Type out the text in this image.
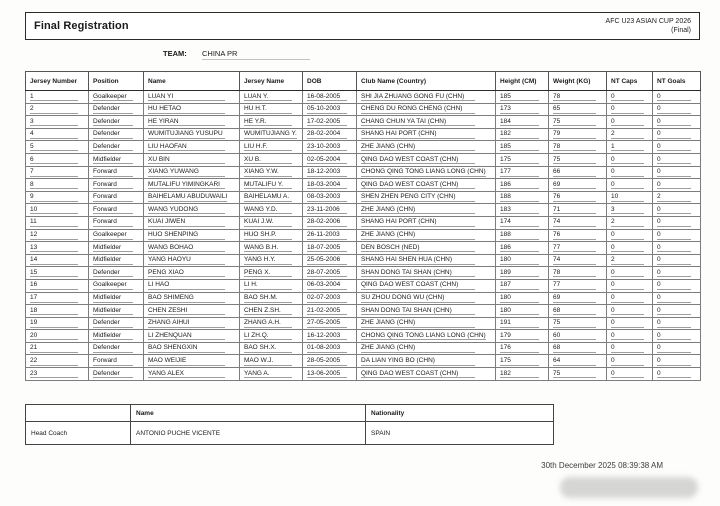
Final Registration	AFC U23 ASIAN CUP 2026
(Final)
TEAM: CHINA PR
Jersey Number	Position	Name	Jersey Name	DOB	Club Name (Country)	Height (CM)	Weight (KG)	NT Caps	NT Goals
1	Goalkeeper	LUAN YI	LUAN Y.	16-08-2005	SHI JIA ZHUANG GONG FU (CHN)	185	78	0	0
2	Defender	HU HETAO	HU H.T.	05-10-2003	CHENG DU RONG CHENG (CHN)	173	65	0	0
3	Defender	HE YIRAN	HE Y.R.	17-02-2005	CHANG CHUN YA TAI (CHN)	184	75	0	0
4	Defender	WUMITUJIANG YUSUPU	WUMITUJIANG Y.	28-02-2004	SHANG HAI PORT (CHN)	182	79	2	0
5	Defender	LIU HAOFAN	LIU H.F.	23-10-2003	ZHE JIANG (CHN)	185	78	1	0
6	Midfielder	XU BIN	XU B.	02-05-2004	QING DAO WEST COAST (CHN)	175	75	0	0
7	Forward	XIANG YUWANG	XIANG Y.W.	18-12-2003	CHONG QING TONG LIANG LONG (CHN)	177	66	0	0
8	Forward	MUTALIFU YIMINGKARI	MUTALIFU Y.	18-03-2004	QING DAO WEST COAST (CHN)	186	69	0	0
9	Forward	BAIHELAMU ABUDUWAILI	BAIHELAMU A.	08-03-2003	SHEN ZHEN PENG CITY (CHN)	188	76	10	2
10	Forward	WANG YUDONG	WANG Y.D.	23-11-2006	ZHE JIANG (CHN)	183	71	3	0
11	Forward	KUAI JIWEN	KUAI J.W.	28-02-2006	SHANG HAI PORT (CHN)	174	74	2	0
12	Goalkeeper	HUO SHENPING	HUO SH.P.	26-11-2003	ZHE JIANG (CHN)	188	76	0	0
13	Midfielder	WANG BOHAO	WANG B.H.	18-07-2005	DEN BOSCH (NED)	186	77	0	0
14	Midfielder	YANG HAOYU	YANG H.Y.	25-05-2006	SHANG HAI SHEN HUA (CHN)	180	74	2	0
15	Defender	PENG XIAO	PENG X.	28-07-2005	SHAN DONG TAI SHAN (CHN)	189	78	0	0
16	Goalkeeper	LI HAO	LI H.	06-03-2004	QING DAO WEST COAST (CHN)	187	77	0	0
17	Midfielder	BAO SHIMENG	BAO SH.M.	02-07-2003	SU ZHOU DONG WU (CHN)	180	69	0	0
18	Midfielder	CHEN ZESHI	CHEN Z.SH.	21-02-2005	SHAN DONG TAI SHAN (CHN)	180	68	0	0
19	Defender	ZHANG AIHUI	ZHANG A.H.	27-05-2005	ZHE JIANG (CHN)	191	75	0	0
20	Midfielder	LI ZHENQUAN	LI ZH.Q.	16-12-2003	CHONG QING TONG LIANG LONG (CHN)	179	60	0	0
21	Defender	BAO SHENGXIN	BAO SH.X.	01-08-2003	ZHE JIANG (CHN)	176	68	0	0
22	Forward	MAO WEIJIE	MAO W.J.	28-05-2005	DA LIAN YING BO (CHN)	175	64	0	0
23	Defender	YANG ALEX	YANG A.	13-06-2005	QING DAO WEST COAST (CHN)	182	75	0	0
	Name	Nationality
Head Coach	ANTONIO PUCHE VICENTE	SPAIN
30th December 2025 08:39:38 AM
